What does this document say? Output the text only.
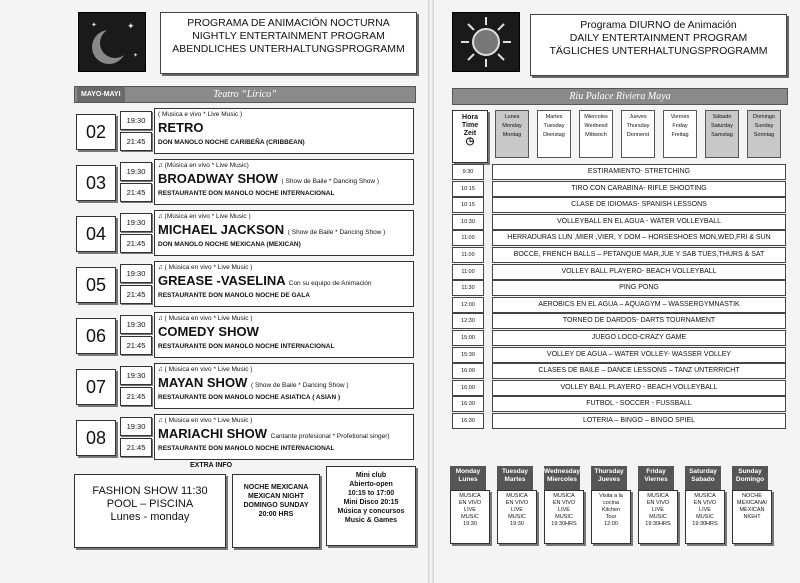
✦
✦
✦
PROGRAMA DE ANIMACIÓN NOCTURNA
NIGHTLY ENTERTAINMENT PROGRAM
ABENDLICHES UNTERHALTUNGSPROGRAMM
MAYO-MAYI	Teatro “Lírico”
02
19:30
21:45
( Musica e vivo * Live Music )
RETRO
DON MANOLO NOCHE CARIBEÑA (CRIBBEAN)
03
19:30
21:45
♫ (Música en vivo * Live Music)
BROADWAY SHOW ( Show de Baile * Dancing Show )
RESTAURANTE DON MANOLO NOCHE INTERNACIONAL
04
19:30
21:45
♫ (Música en vivo * Live Music )
MICHAEL JACKSON ( Show de Baile * Dancing Show )
DON MANOLO NOCHE MEXICANA (MEXICAN)
05
19:30
21:45
♫ ( Música en vivo * Live Music )
GREASE -VASELINA Con su equipo de Animación
RESTAURANTE DON MANOLO NOCHE DE GALA
06
19:30
21:45
♫ ( Musica en vivo * Live Music )
COMEDY SHOW
RESTAURANTE DON MANOLO NOCHE INTERNACIONAL
07
19:30
21:45
♫ ( Música en vivo * Live Music )
MAYAN SHOW ( Show de Baile * Dancing Show )
RESTAURANTE DON MANOLO NOCHE ASIATICA ( ASIAN )
08
19:30
21:45
♫ ( Música en vivo * Live Music )
MARIACHI SHOW Cantante profesional * Profetional singer)
RESTAURANTE DON MANOLO NOCHE INTERNACIONAL
EXTRA INFO
FASHION SHOW 11:30
POOL – PISCINA
Lunes - monday
NOCHE MEXICANA
MEXICAN NIGHT
DOMINGO SUNDAY
20:00 HRS
Mini club
Abierto-open
10:15 to 17:00
Mini Disco 20:15
Música y concursos
Music & Games
Programa DIURNO de Animación
DAILY ENTERTAINMENT PROGRAM
TÄGLICHES UNTERHALTUNGSPROGRAMM
Riu Palace Riviera Maya
Hora
Time
Zeit
◷
Lunes
Monday
Montag
Martes
Tuesday
Dienstag
Miercoles
Wednesd
Mittwoch
Jueves
Thursday
Donnerst
Viernes
Friday
Freitag
Sábado
Saturday
Samstag
Domingo
Sunday
Sonntag
9:30	ESTIRAMIENTO- STRETCHING
10:15	TIRO CON CARABINA- RIFLE SHOOTING
10:15	CLASE DE IDIOMAS- SPANISH LESSONS
10:30	VOLLEYBALL EN EL AGUA - WATER VOLLEYBALL
11:00	HERRADURAS LUN ,MIER ,VIER, Y DOM – HORSESHOES MON,WED,FRI & SUN
11:00	BOCCE, FRENCH BALLS – PETANQUE MAR,JUE Y SAB TUES,THURS & SAT
11:00	VOLLEY BALL PLAYERO- BEACH VOLLEYBALL
11:30	PING PONG
12:00	AEROBICS EN EL AGUA – AQUAGYM – WASSERGYMNASTIK
12:30	TORNEO DE DARDOS- DARTS TOURNAMENT
15:00	JUEGO LOCO-CRAZY GAME
15:30	VOLLEY DE AGUA – WATER VOLLEY- WASSER VOLLEY
16:00	CLASES DE BAILE – DANCE LESSONS – TANZ UNTERRICHT
16:00	VOLLEY BALL PLAYERO - BEACH VOLLEYBALL
16:30	FUTBOL - SOCCER - FUSSBALL
16:30	LOTERIA – BINGO – BINGO SPIEL
Monday
Lunes
MUSICA
EN VIVO
LIVE
MUSIC
19:30
Tuesday
Martes
MUSICA
EN VIVO
LIVE
MUSIC
19:30
Wednesday
Miercoles
MUSICA
EN VIVO
LIVE
MUSIC
19:30HRS
Thursday
Jueves
Visita a la
cocina
Kitchen
Tour
12:00
Friday
Viernes
MUSICA
EN VIVO
LIVE
MUSIC
19:30HRS
Saturday
Sabado
MUSICA
EN VIVO
LIVE
MUSIC
19:30HRS
Sunday
Domingo
NOCHE
MEXICANA/
MEXICAN
NIGHT
